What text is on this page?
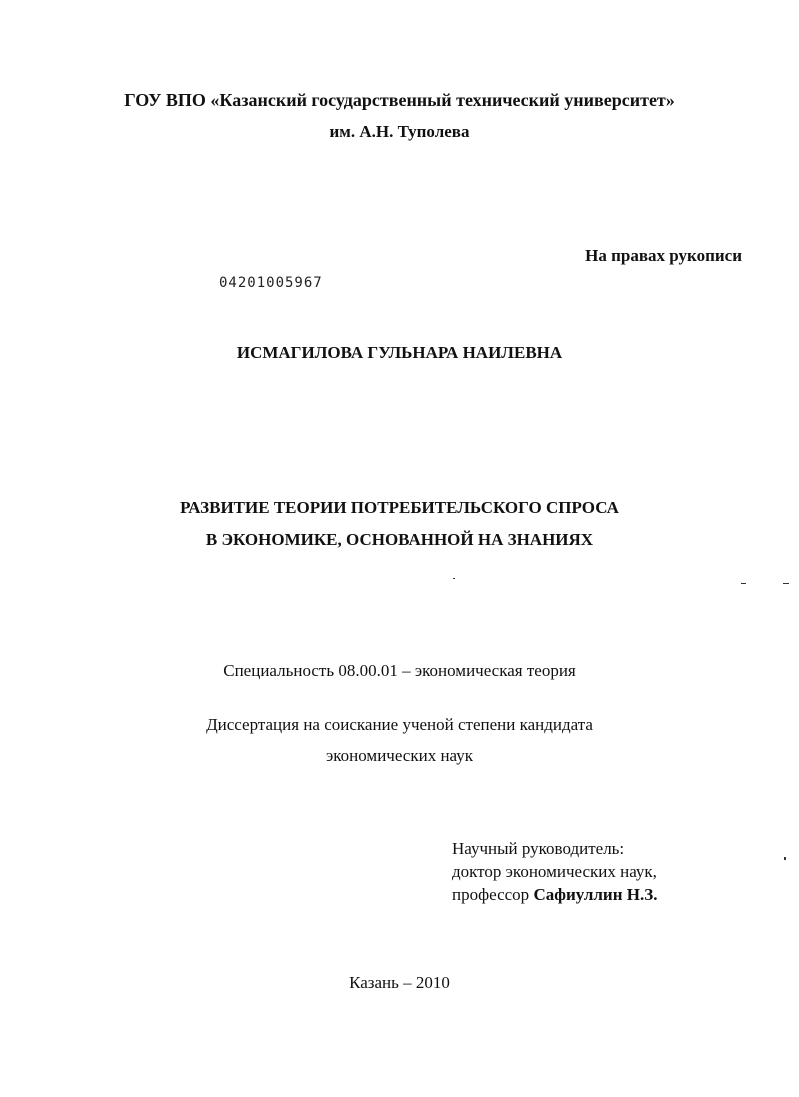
ГОУ ВПО «Казанский государственный технический университет»
им. А.Н. Туполева
На правах рукописи
04201005967
ИСМАГИЛОВА ГУЛЬНАРА НАИЛЕВНА
РАЗВИТИЕ ТЕОРИИ ПОТРЕБИТЕЛЬСКОГО СПРОСА
В ЭКОНОМИКЕ, ОСНОВАННОЙ НА ЗНАНИЯХ
Специальность 08.00.01 – экономическая теория
Диссертация на соискание ученой степени кандидата
экономических наук
Научный руководитель:
доктор экономических наук,
профессор Сафиуллин Н.З.
Казань – 2010
